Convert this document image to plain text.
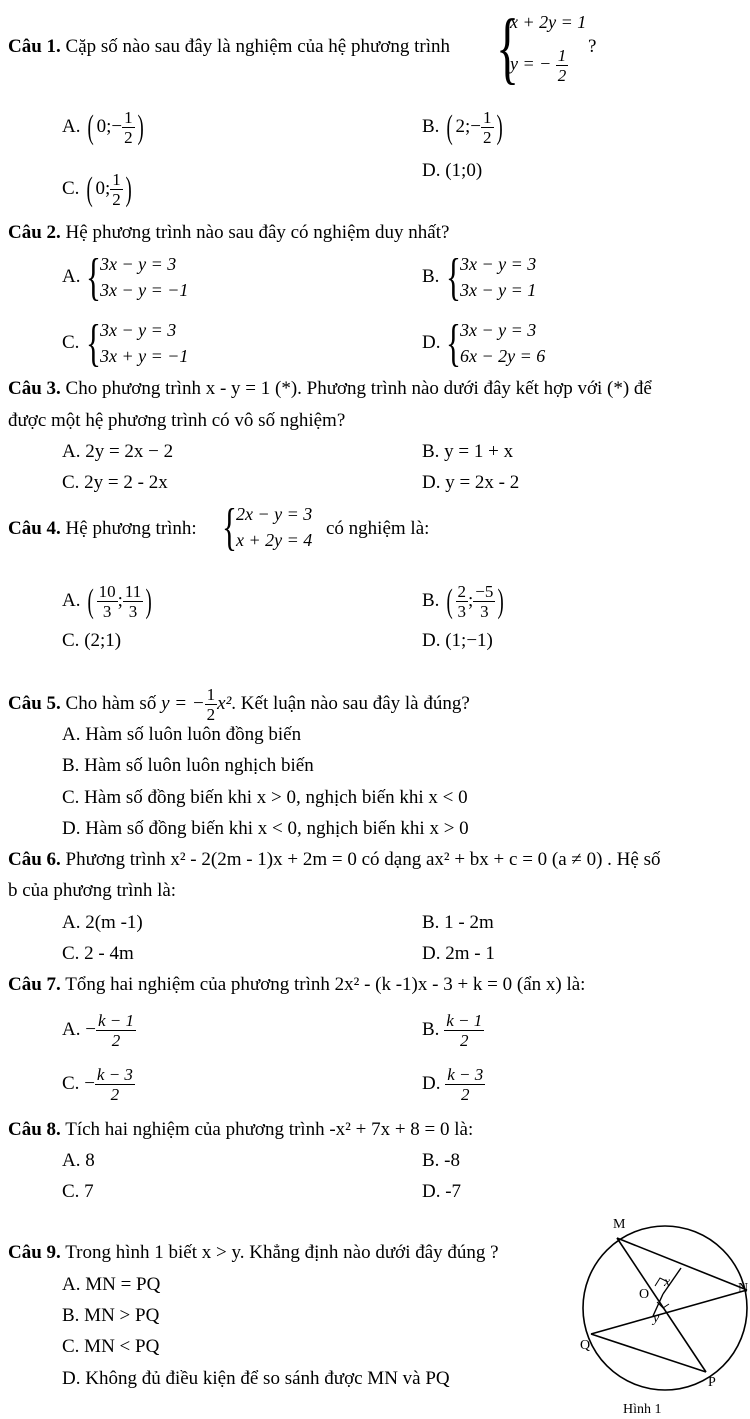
Câu 1. Cặp số nào sau đây là nghiệm của hệ phương trình {
x + 2y = 1
y = − $\frac{1}{2}$ ?
A. ( 0;− $\frac{1}{2}$ )	B. ( 2;− $\frac{1}{2}$ )
C. ( 0; $\frac{1}{2}$ )	D. (1;0)
Câu 2. Hệ phương trình nào sau đây có nghiệm duy nhất?
A. { 3x − y = 3
3x − y = −1
B. { 3x − y = 3
3x − y = 1
C. { 3x − y = 3
3x + y = −1
D. { 3x − y = 3
6x − 2y = 6
Câu 3. Cho phương trình x - y = 1 (*). Phương trình nào dưới đây kết hợp với (*) để
được một hệ phương trình có vô số nghiệm?
A. 2y = 2x − 2	B. y = 1 + x
C. 2y = 2 - 2x	D. y = 2x - 2
Câu 4. Hệ phương trình: { 2x − y = 3
x + 2y = 4
có nghiệm là:
A. ( $\frac{10}{3}$ ; $\frac{11}{3}$ )	B. ( $\frac{2}{3}$ ; $\frac{-5}{3}$ )
C. (2;1)	D. (1;−1)
Câu 5. Cho hàm số y = − $\frac{1}{2} x^2$. Kết luận nào sau đây là đúng?
A. Hàm số luôn luôn đồng biến
B. Hàm số luôn luôn nghịch biến
C. Hàm số đồng biến khi x > 0, nghịch biến khi x < 0
D. Hàm số đồng biến khi x < 0, nghịch biến khi x > 0
Câu 6. Phương trình x² - 2(2m - 1)x + 2m = 0 có dạng ax² + bx + c = 0 (a ≠ 0) . Hệ số
b của phương trình là:
A. 2(m -1)	B. 1 - 2m
C. 2 - 4m	D. 2m - 1
Câu 7. Tổng hai nghiệm của phương trình 2x² - (k -1)x - 3 + k = 0 (ẩn x) là:
A. − $\frac{k - 1}{2}$	B. $\frac{k - 1}{2}$
C. − $\frac{k - 3}{2}$	D. $\frac{k - 3}{2}$
Câu 8. Tích hai nghiệm của phương trình -x² + 7x + 8 = 0 là:
A. 8	B. -8
C. 7	D. -7
Câu 9. Trong hình 1 biết x > y. Khẳng định nào dưới đây đúng ?
A. MN = PQ
B. MN > PQ
C. MN < PQ
D. Không đủ điều kiện để so sánh được MN và PQ
M
N
O
x
y
Q
P
Hình 1
